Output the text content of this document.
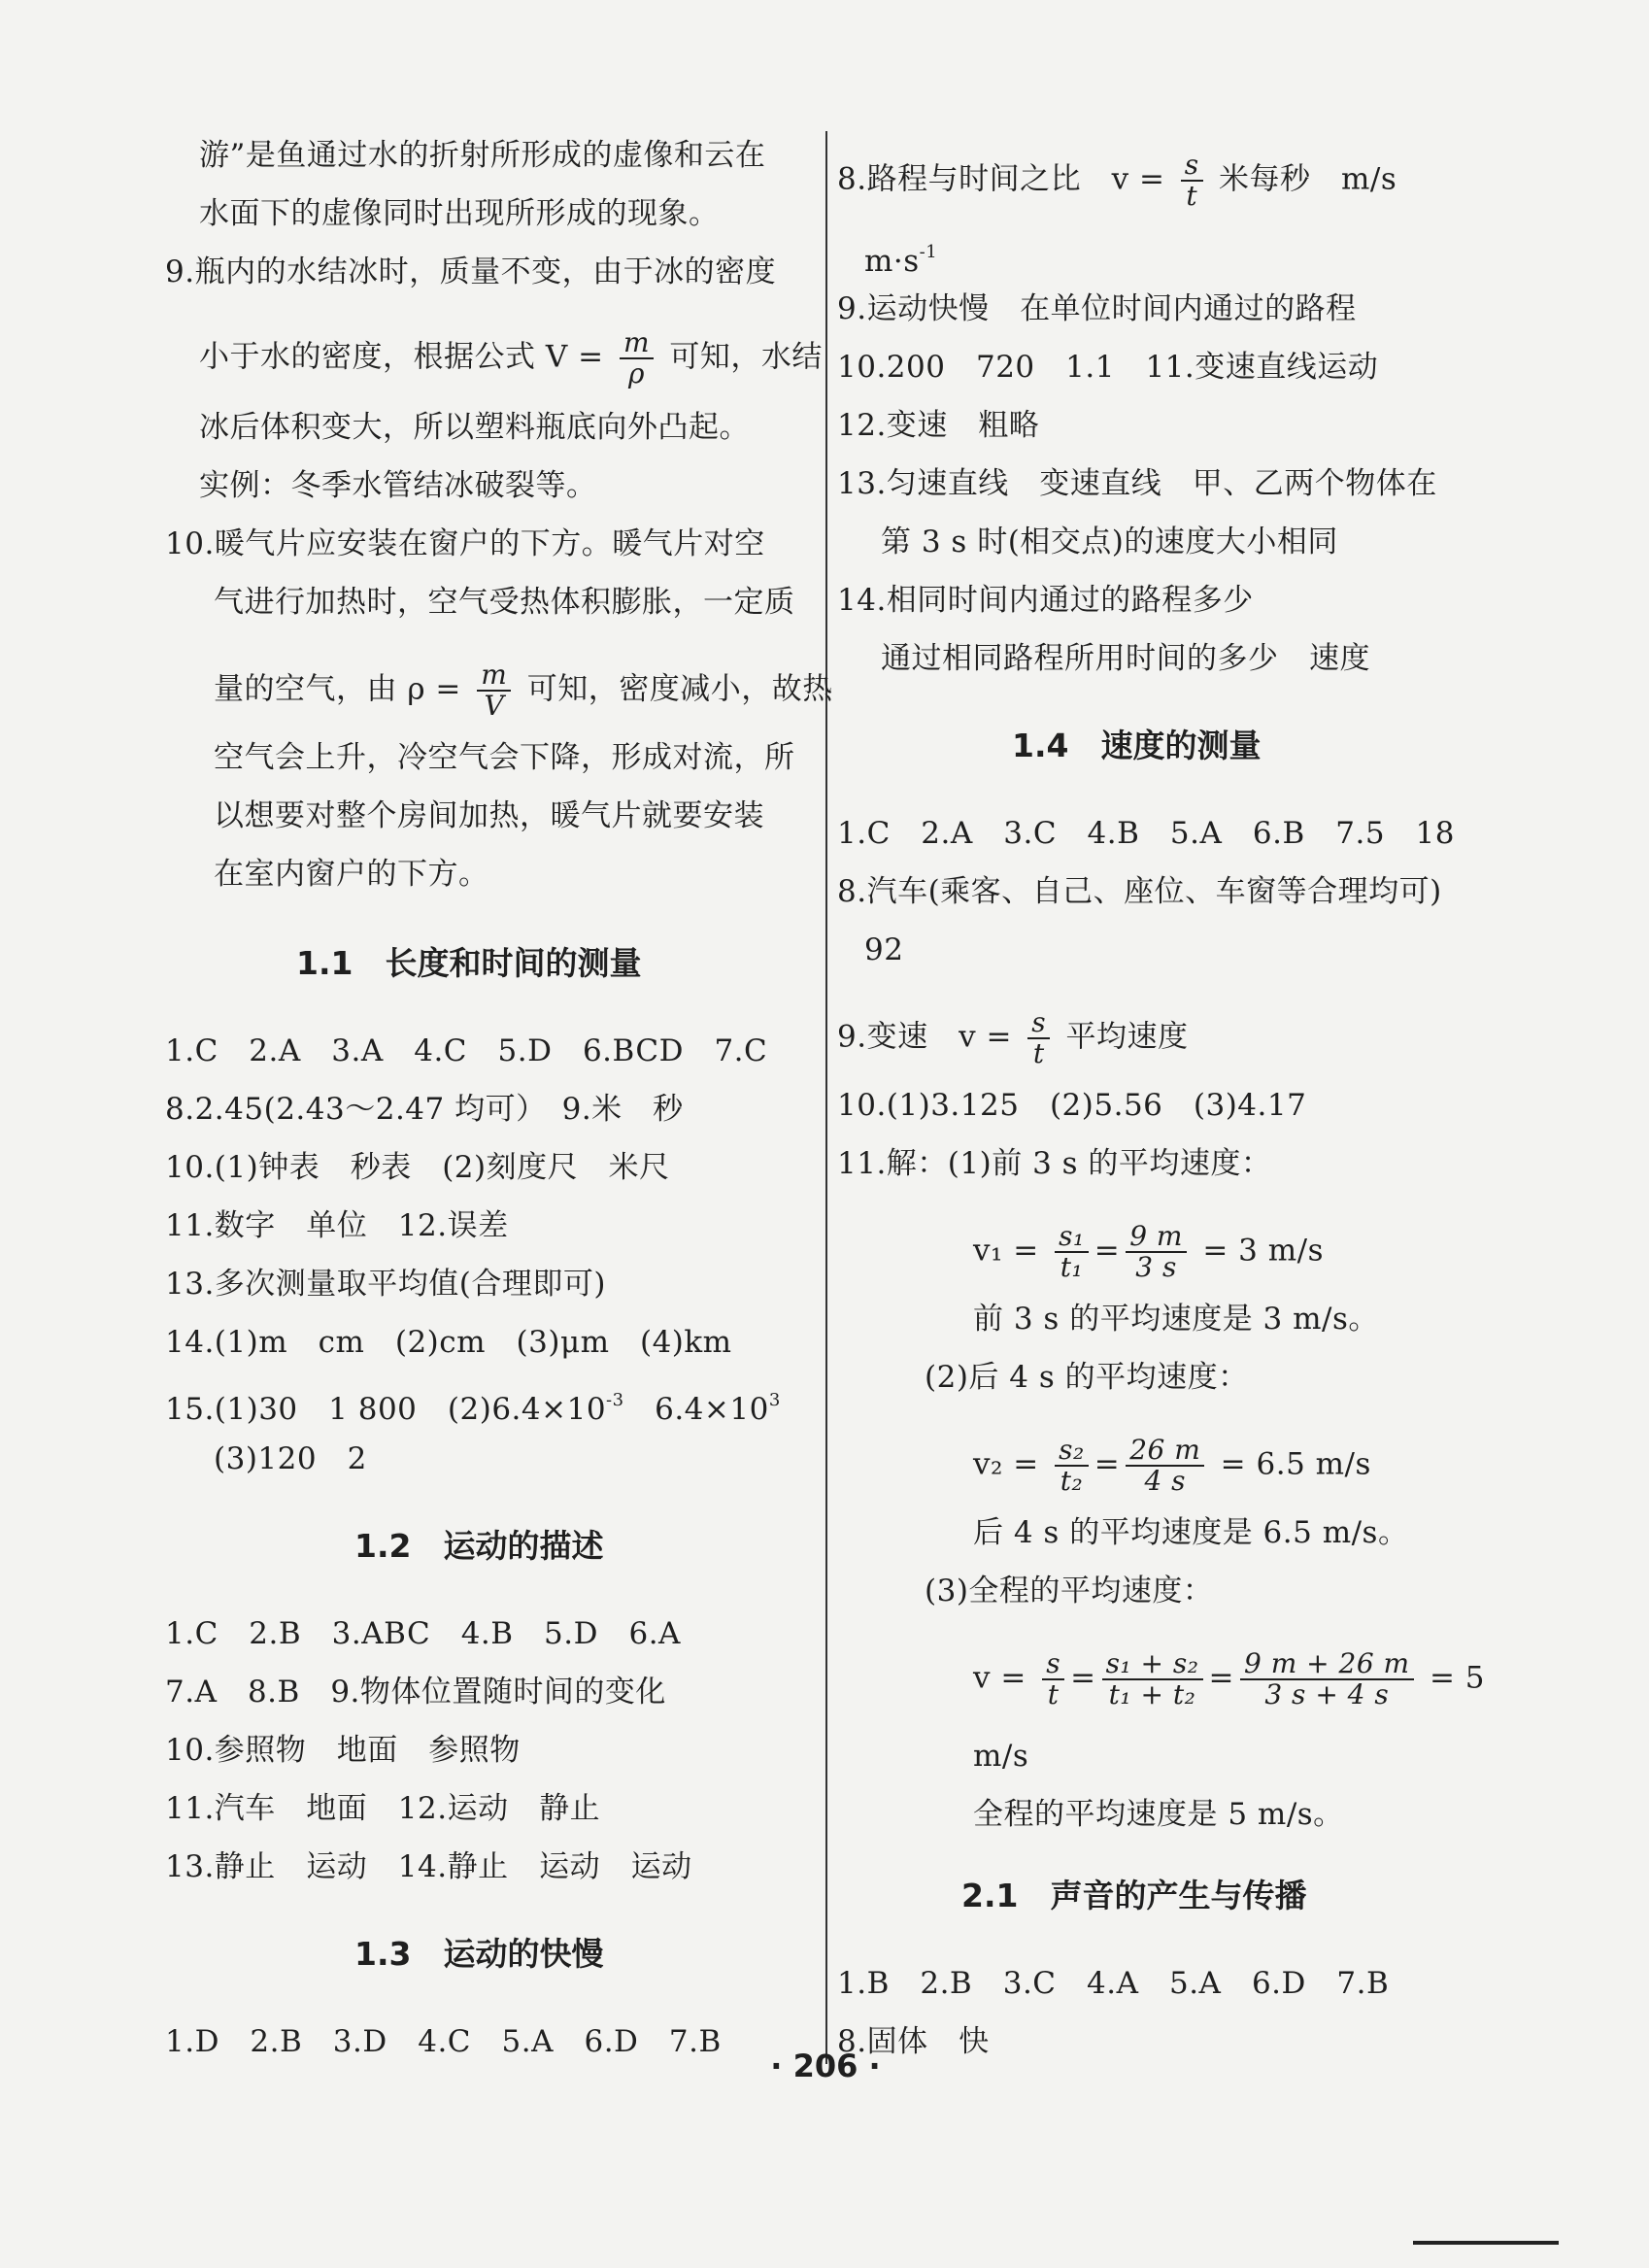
游”是鱼通过水的折射所形成的虚像和云在
水面下的虚像同时出现所形成的现象。
9.瓶内的水结冰时，质量不变，由于冰的密度
小于水的密度，根据公式 $V = \frac{m}{\rho}$ 可知，水结
冰后体积变大，所以塑料瓶底向外凸起。
实例：冬季水管结冰破裂等。
10.暖气片应安装在窗户的下方。暖气片对空
气进行加热时，空气受热体积膨胀，一定质
量的空气，由 $\rho = \frac{m}{V}$ 可知，密度减小，故热
空气会上升，冷空气会下降，形成对流，所
以想要对整个房间加热，暖气片就要安装
在室内窗户的下方。
1.1　长度和时间的测量
1.C　2.A　3.A　4.C　5.D　6.BCD　7.C
8.2.45(2.43～2.47 均可）　9.米　秒
10.(1)钟表　秒表　(2)刻度尺　米尺
11.数字　单位　12.误差
13.多次测量取平均值(合理即可)
14.(1)m　cm　(2)cm　(3)μm　(4)km
15.(1)30　1 800　$(2)6.4\times 10^{-3}$　$6.4\times 10^3$
(3)120　2
1.2　运动的描述
1.C　2.B　3.ABC　4.B　5.D　6.A
7.A　8.B　9.物体位置随时间的变化
10.参照物　地面　参照物
11.汽车　地面　12.运动　静止
13.静止　运动　14.静止　运动　运动
1.3　运动的快慢
1.D　2.B　3.D　4.C　5.A　6.D　7.B
8.路程与时间之比　$v = \frac{s}{t}$ 米每秒　m/s
$m\cdot s^{-1}$
9.运动快慢　在单位时间内通过的路程
10.200　720　1.1　11.变速直线运动
12.变速　粗略
13.匀速直线　变速直线　甲、乙两个物体在
第 3 s 时(相交点)的速度大小相同
14.相同时间内通过的路程多少
通过相同路程所用时间的多少　速度
1.4　速度的测量
1.C　2.A　3.C　4.B　5.A　6.B　7.5　18
8.汽车(乘客、自己、座位、车窗等合理均可)
92
9.变速　$v = \frac{s}{t}$ 平均速度
10.(1)3.125　(2)5.56　(3)4.17
11.解：(1)前 3 s 的平均速度：
$v_1 = \frac{\text{s₁}}{\text{t₁}} = \frac{9 m}{3 s} = 3$ m/s
前 3 s 的平均速度是 3 m/s。
(2)后 4 s 的平均速度：
$v_2 = \frac{\text{s₂}}{\text{t₂}} = \frac{26 m}{4 s} = 6.5$ m/s
后 4 s 的平均速度是 6.5 m/s。
(3)全程的平均速度：
$v = \frac{s}{t} = \frac{\text{s₁ + s₂}}{\text{t₁ + t₂}} = \frac{9 m + 26 m}{3 s + 4 s} = 5$
m/s
全程的平均速度是 5 m/s。
2.1　声音的产生与传播
1.B　2.B　3.C　4.A　5.A　6.D　7.B
8.固体　快
· 206 ·
